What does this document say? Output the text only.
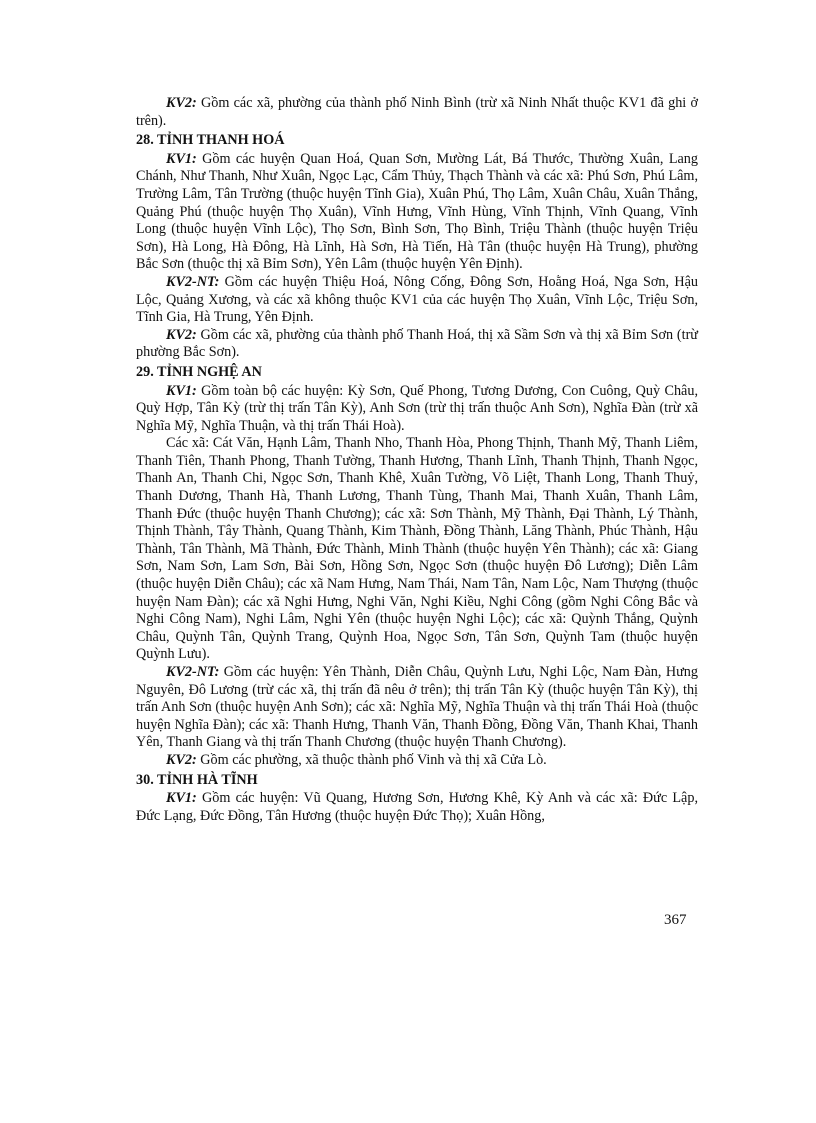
KV2: Gồm các xã, phường của thành phố Ninh Bình (trừ xã Ninh Nhất thuộc KV1 đã ghi ở trên).

28. TỈNH THANH HOÁ

KV1: Gồm các huyện Quan Hoá, Quan Sơn, Mường Lát, Bá Thước, Thường Xuân, Lang Chánh, Như Thanh, Như Xuân, Ngọc Lạc, Cẩm Thủy, Thạch Thành và các xã: Phú Sơn, Phú Lâm, Trường Lâm, Tân Trường (thuộc huyện Tĩnh Gia), Xuân Phú, Thọ Lâm, Xuân Châu, Xuân Thắng, Quảng Phú (thuộc huyện Thọ Xuân), Vĩnh Hưng, Vĩnh Hùng, Vĩnh Thịnh, Vĩnh Quang, Vĩnh Long (thuộc huyện Vĩnh Lộc), Thọ Sơn, Bình Sơn, Thọ Bình, Triệu Thành (thuộc huyện Triệu Sơn), Hà Long, Hà Đông, Hà Lĩnh, Hà Sơn, Hà Tiến, Hà Tân (thuộc huyện Hà Trung), phường Bắc Sơn (thuộc thị xã Bỉm Sơn), Yên Lâm (thuộc huyện Yên Định).

KV2-NT: Gồm các huyện Thiệu Hoá, Nông Cống, Đông Sơn, Hoằng Hoá, Nga Sơn, Hậu Lộc, Quảng Xương, và các xã không thuộc KV1 của các huyện Thọ Xuân, Vĩnh Lộc, Triệu Sơn, Tĩnh Gia, Hà Trung, Yên Định.

KV2: Gồm các xã, phường của thành phố Thanh Hoá, thị xã Sầm Sơn và thị xã Bỉm Sơn (trừ phường Bắc Sơn).

29. TỈNH NGHỆ AN

KV1: Gồm toàn bộ các huyện: Kỳ Sơn, Quế Phong, Tương Dương, Con Cuông, Quỳ Châu, Quỳ Hợp, Tân Kỳ (trừ thị trấn Tân Kỳ), Anh Sơn (trừ thị trấn thuộc Anh Sơn), Nghĩa Đàn (trừ xã Nghĩa Mỹ, Nghĩa Thuận, và thị trấn Thái Hoà).

Các xã: Cát Văn, Hạnh Lâm, Thanh Nho, Thanh Hòa, Phong Thịnh, Thanh Mỹ, Thanh Liêm, Thanh Tiên, Thanh Phong, Thanh Tường, Thanh Hương, Thanh Lĩnh, Thanh Thịnh, Thanh Ngọc, Thanh An, Thanh Chi, Ngọc Sơn, Thanh Khê, Xuân Tường, Võ Liệt, Thanh Long, Thanh Thuỷ, Thanh Dương, Thanh Hà, Thanh Lương, Thanh Tùng, Thanh Mai, Thanh Xuân, Thanh Lâm, Thanh Đức (thuộc huyện Thanh Chương); các xã: Sơn Thành, Mỹ Thành, Đại Thành, Lý Thành, Thịnh Thành, Tây Thành, Quang Thành, Kim Thành, Đồng Thành, Lăng Thành, Phúc Thành, Hậu Thành, Tân Thành, Mã Thành, Đức Thành, Minh Thành (thuộc huyện Yên Thành); các xã: Giang Sơn, Nam Sơn, Lam Sơn, Bài Sơn, Hồng Sơn, Ngọc Sơn (thuộc huyện Đô Lương); Diễn Lâm (thuộc huyện Diễn Châu); các xã Nam Hưng, Nam Thái, Nam Tân, Nam Lộc, Nam Thượng (thuộc huyện Nam Đàn); các xã Nghi Hưng, Nghi Văn, Nghi Kiều, Nghi Công (gồm Nghi Công Bắc và Nghi Công Nam), Nghi Lâm, Nghi Yên (thuộc huyện Nghi Lộc); các xã: Quỳnh Thắng, Quỳnh Châu, Quỳnh Tân, Quỳnh Trang, Quỳnh Hoa, Ngọc Sơn, Tân Sơn, Quỳnh Tam (thuộc huyện Quỳnh Lưu).

KV2-NT: Gồm các huyện: Yên Thành, Diễn Châu, Quỳnh Lưu, Nghi Lộc, Nam Đàn, Hưng Nguyên, Đô Lương (trừ các xã, thị trấn đã nêu ở trên); thị trấn Tân Kỳ (thuộc huyện Tân Kỳ), thị trấn Anh Sơn (thuộc huyện Anh Sơn); các xã: Nghĩa Mỹ, Nghĩa Thuận và thị trấn Thái Hoà (thuộc huyện Nghĩa Đàn); các xã: Thanh Hưng, Thanh Văn, Thanh Đồng, Đồng Văn, Thanh Khai, Thanh Yên, Thanh Giang và thị trấn Thanh Chương (thuộc huyện Thanh Chương).

KV2: Gồm các phường, xã thuộc thành phố Vinh và thị xã Cửa Lò.

30. TỈNH HÀ TĨNH

KV1: Gồm các huyện: Vũ Quang, Hương Sơn, Hương Khê, Kỳ Anh và các xã: Đức Lập, Đức Lạng, Đức Đồng, Tân Hương (thuộc huyện Đức Thọ); Xuân Hồng,

367
